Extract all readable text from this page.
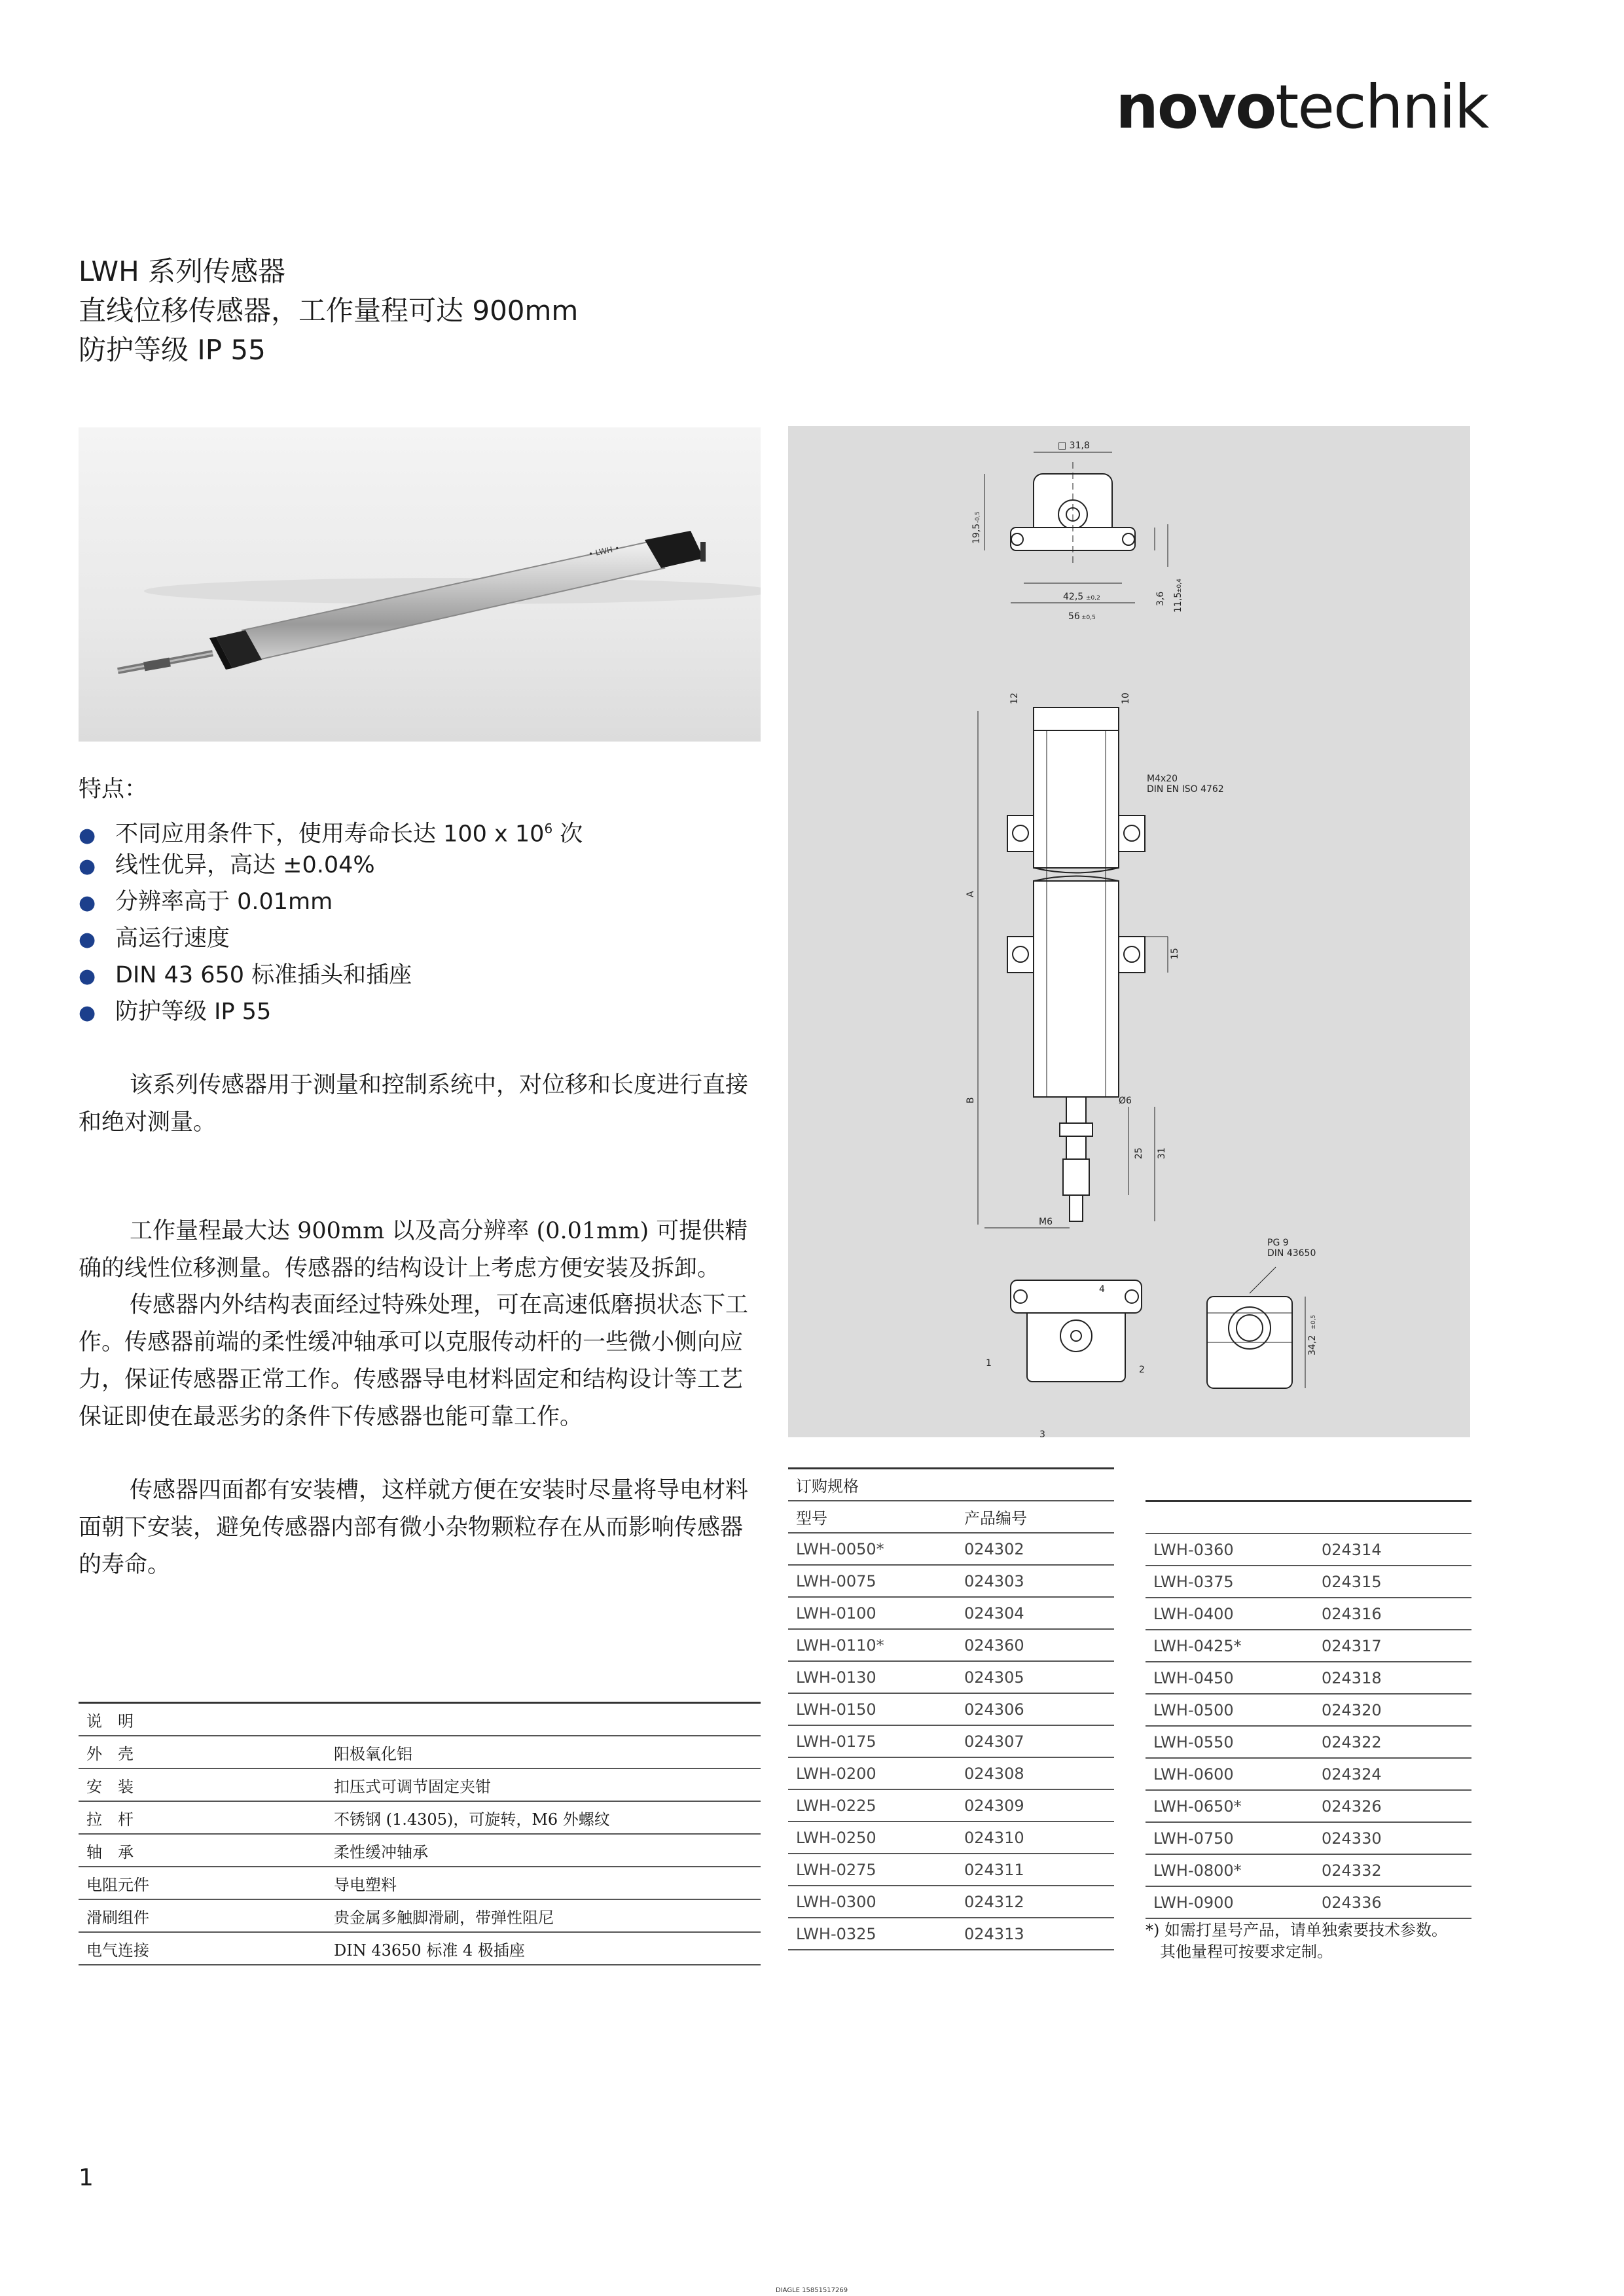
novotechnik
LWH 系列传感器
直线位移传感器，工作量程可达 900mm
防护等级 IP 55
• LWH •
□ 31,8
42,5 ±0,2
56 ±0,5
19,5
-0,5
3,6 11,5
±0,4
12	10
M4x20
DIN EN ISO 4762
A
B
15
Ø6
25 31
M6
PG 9
DIN 43650
34,2
±0,5
1
2
3
4
特点：
● 不同应用条件下，使用寿命长达 100 x $10^6$ 次
● 线性优异，高达 ±0.04%
● 分辨率高于 0.01mm
● 高运行速度
● DIN 43 650 标准插头和插座
● 防护等级 IP 55

该系列传感器用于测量和控制系统中，对位移和长度进行直接和绝对测量。

工作量程最大达 900mm 以及高分辨率 (0.01mm) 可提供精确的线性位移测量。传感器的结构设计上考虑方便安装及拆卸。

传感器内外结构表面经过特殊处理，可在高速低磨损状态下工作。传感器前端的柔性缓冲轴承可以克服传动杆的一些微小侧向应力，保证传感器正常工作。传感器导电材料固定和结构设计等工艺保证即使在最恶劣的条件下传感器也能可靠工作。

传感器四面都有安装槽，这样就方便在安装时尽量将导电材料面朝下安装，避免传感器内部有微小杂物颗粒存在从而影响传感器的寿命。

说　明	
外　壳	阳极氧化铝
安　装	扣压式可调节固定夹钳
拉　杆	不锈钢 (1.4305)，可旋转，M6 外螺纹
轴　承	柔性缓冲轴承
电阻元件	导电塑料
滑刷组件	贵金属多触脚滑刷，带弹性阻尼
电气连接	DIN 43650 标准 4 极插座
订购规格	
型号	产品编号
LWH-0050*	024302
LWH-0075	024303
LWH-0100	024304
LWH-0110*	024360
LWH-0130	024305
LWH-0150	024306
LWH-0175	024307
LWH-0200	024308
LWH-0225	024309
LWH-0250	024310
LWH-0275	024311
LWH-0300	024312
LWH-0325	024313

LWH-0360	024314
LWH-0375	024315
LWH-0400	024316
LWH-0425*	024317
LWH-0450	024318
LWH-0500	024320
LWH-0550	024322
LWH-0600	024324
LWH-0650*	024326
LWH-0750	024330
LWH-0800*	024332
LWH-0900	024336
*) 如需打星号产品，请单独索要技术参数。
其他量程可按要求定制。
1
DIAGLE 15851517269
